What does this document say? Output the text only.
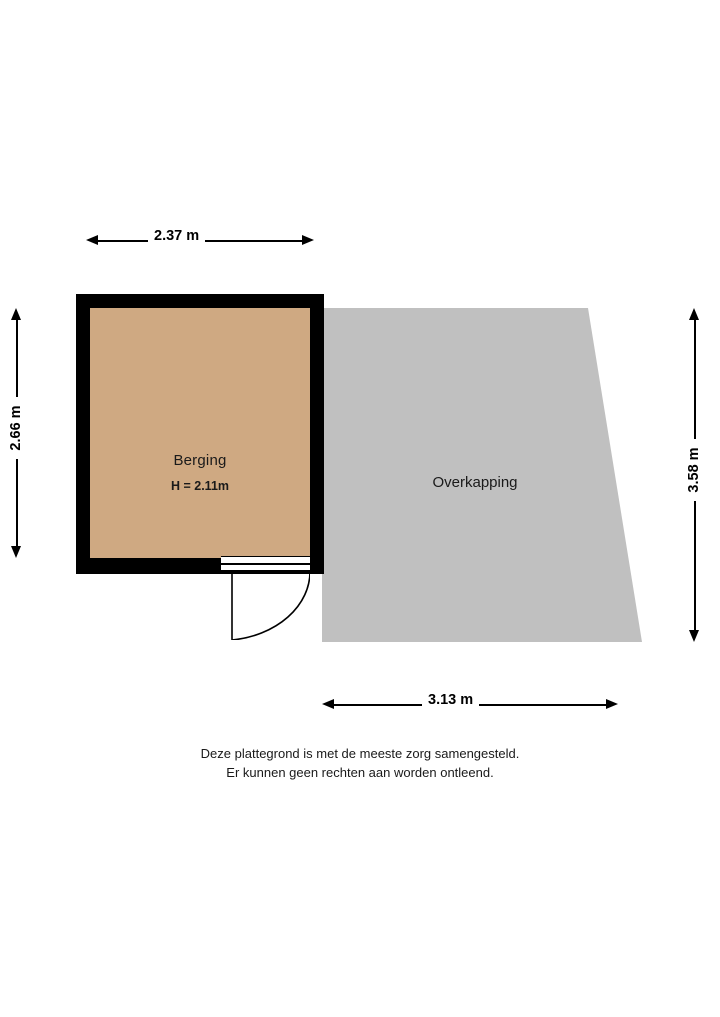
Overkapping
Berging
H = 2.11m
2.37 m
3.13 m
2.66 m
3.58 m
Deze plattegrond is met de meeste zorg samengesteld.
Er kunnen geen rechten aan worden ontleend.
